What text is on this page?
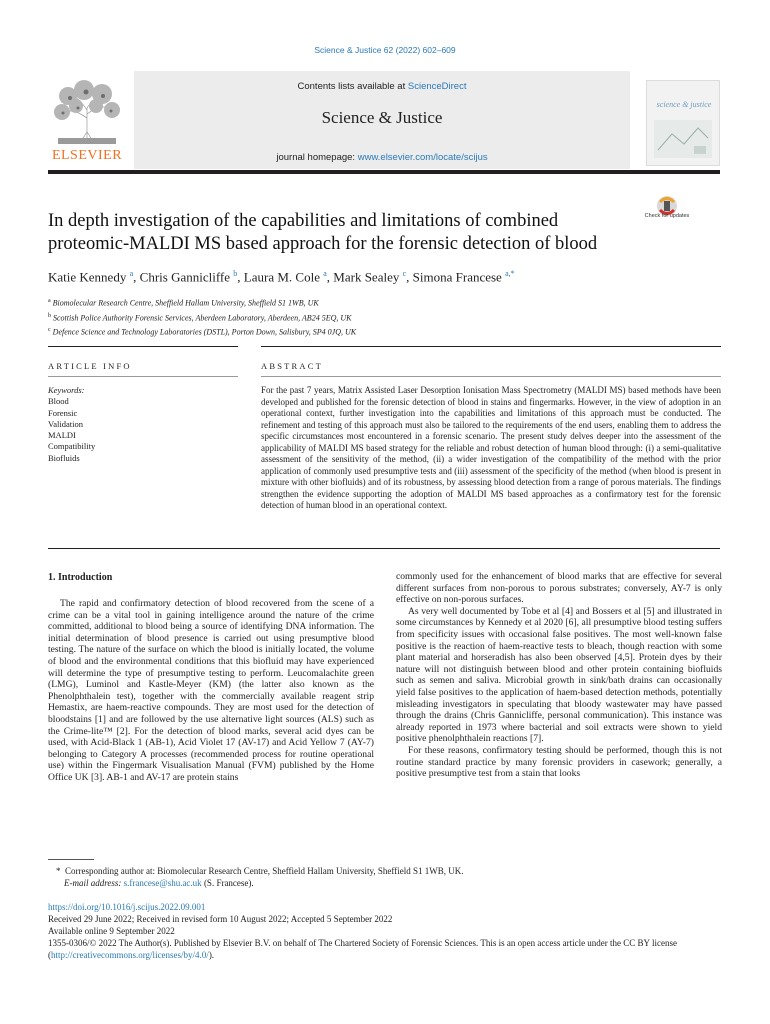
Science & Justice 62 (2022) 602–609
ELSEVIER
Contents lists available at ScienceDirect
Science & Justice
journal homepage: www.elsevier.com/locate/scijus
science & justice
Check for updates
In depth investigation of the capabilities and limitations of combined proteomic-MALDI MS based approach for the forensic detection of blood
Katie Kennedy $^a$, Chris Gannicliffe $^b$, Laura M. Cole $^a$, Mark Sealey $^c$, Simona Francese $^{a,*}$
$^a$ Biomolecular Research Centre, Sheffield Hallam University, Sheffield S1 1WB, UK
$^b$ Scottish Police Authority Forensic Services, Aberdeen Laboratory, Aberdeen, AB24 5EQ, UK
$^c$ Defence Science and Technology Laboratories (DSTL), Porton Down, Salisbury, SP4 0JQ, UK
ARTICLE INFO	ABSTRACT
Keywords:
Blood
Forensic
Validation
MALDI
Compatibility
Biofluids
For the past 7 years, Matrix Assisted Laser Desorption Ionisation Mass Spectrometry (MALDI MS) based methods have been developed and published for the forensic detection of blood in stains and fingermarks. However, in the view of adoption in an operational context, further investigation into the capabilities and limitations of this approach must be conducted. The refinement and testing of this approach must also be tailored to the requirements of the end users, enabling them to address the specific circumstances most encountered in a forensic scenario. The present study delves deeper into the assessment of the applicability of MALDI MS based strategy for the reliable and robust detection of human blood through: (i) a semi-qualitative assessment of the sensitivity of the method, (ii) a wider investigation of the compatibility of the method with the prior application of commonly used presumptive tests and (iii) assessment of the specificity of the method (when blood is present in mixture with other biofluids) and of its robustness, by assessing blood detection from a range of porous materials. The findings strengthen the evidence supporting the adoption of MALDI MS based approaches as a confirmatory test for the forensic detection of human blood in an operational context.
1. Introduction

The rapid and confirmatory detection of blood recovered from the scene of a crime can be a vital tool in gaining intelligence around the nature of the crime committed, additional to blood being a source of identifying DNA information. The initial determination of blood presence is carried out using presumptive blood testing. The nature of the surface on which the blood is initially located, the volume of blood and the environmental conditions that this biofluid may have experienced will determine the type of presumptive testing to perform. Leucomalachite green (LMG), Luminol and Kastle-Meyer (KM) (the latter also known as the Phenolphthalein test), together with the commercially available reagent strip Hemastix, are haem-reactive compounds. They are most used for the detection of bloodstains [1] and are followed by the use alternative light sources (ALS) such as the Crime-lite™ [2]. For the detection of blood marks, several acid dyes can be used, with Acid-Black 1 (AB-1), Acid Violet 17 (AV-17) and Acid Yellow 7 (AY-7) belonging to Category A processes (recommended process for routine operational use) within the Fingermark Visualisation Manual (FVM) published by the Home Office UK [3]. AB-1 and AV-17 are protein stains

commonly used for the enhancement of blood marks that are effective for several different surfaces from non-porous to porous substrates; conversely, AY-7 is only effective on non-porous surfaces.

As very well documented by Tobe et al [4] and Bossers et al [5] and illustrated in some circumstances by Kennedy et al 2020 [6], all presumptive blood testing suffers from specificity issues with occasional false positives. The most well-known false positive is the reaction of haem-reactive tests to bleach, though reaction with some plant material and horseradish has also been observed [4,5]. Protein dyes by their nature will not distinguish between blood and other protein containing biofluids such as semen and saliva. Microbial growth in sink/bath drains can occasionally yield false positives to the application of haem-based detection methods, potentially misleading investigators in speculating that bloody wastewater may have passed through the drains (Chris Gannicliffe, personal communication). This instance was already reported in 1973 where bacterial and soil extracts were shown to yield positive phenolphthalein reactions [7].

For these reasons, confirmatory testing should be performed, though this is not routine standard practice by many forensic providers in casework; generally, a positive presumptive test from a stain that looks

* Corresponding author at: Biomolecular Research Centre, Sheffield Hallam University, Sheffield S1 1WB, UK.
E-mail address: s.francese@shu.ac.uk (S. Francese).
https://doi.org/10.1016/j.scijus.2022.09.001
Received 29 June 2022; Received in revised form 10 August 2022; Accepted 5 September 2022
Available online 9 September 2022
1355-0306/© 2022 The Author(s). Published by Elsevier B.V. on behalf of The Chartered Society of Forensic Sciences. This is an open access article under the CC BY license (http://creativecommons.org/licenses/by/4.0/).
